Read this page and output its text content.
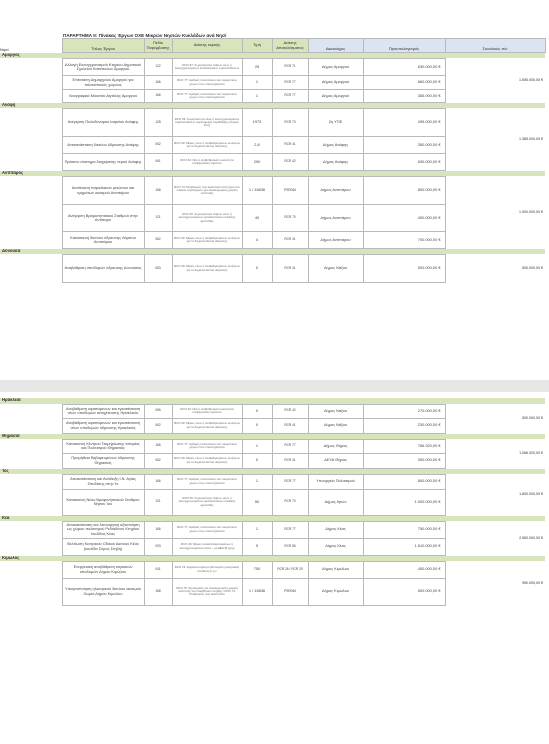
ΠΑΡΑΡΤΗΜΑ ΙΙ: Πίνακας Έργων ΟΧΕ Μικρών Νησιών Κυκλάδων ανά Νησί
Νησί	Τίτλος Έργου	Πεδίο Παρέμβασης	Δείκτης εκροής	Τιμή	Δείκτης Αποτελέσματος	Δικαιούχος	Προυπολογισμός	Συνολικός π/υ
Αμοργός								
	Αλλαγή Εκσυγχρονισμού Κτηρίου Δημοτικού Σχολείου Κατάπολων Αμοργού	122	RCO 67: Χωρητικότητα τάξεων νέων ή εκσυγχρονισμένων εκπαιδευτικών εγκαταστάσεων	25	RCR 71	Δήμος Αμοργού	630.000,00 €	1.655.000,00 €
	Επέκταση Δημαρχείου Αμοργού για πολιτιστικούς χώρους	166	RCO 77: Αριθμός πολιτιστικών και τουριστικών χώρων που υποστηρίζονται	1	RCR 77	Δήμος Αμοργού	660.000,00 €	
	Λαογραφικό Μουσείο Αιγιάλης Αμοργού	166	RCO 77: Αριθμός πολιτιστικών και τουριστικών χώρων που υποστηρίζονται	1	RCR 77	Δήμος Αμοργού	365.000,00 €	
Ανάφη								
	Ανέγερση Πολυδύναμου Ιατρείου Ανάφης	128	RCO 69: Χωρητικότητα νέων ή εκσυγχρονισμένων εγκαταστάσεων υγειονομικής περίθαλψης (άτομα/έτος)	1973	RCR 73	2η ΥΠΕ	495.000,00 €	1.385.000,00 €
	Αντικατάσταση δικτύου ύδρευσης Ανάφης	062	RCO 30: Μήκος νέων ή αναβαθμισμένων σωλήνων για τα δημόσια δίκτυα ύδρευσης	2,8	RCR 41	Δήμος Ανάφης	350.000,00 €	
	Πράσινο σύστημα διαχείρισης νερού Ανάφης	061	RCO 32: Νέα ή αναβαθμισμένη ικανότητα επεξεργασίας λυμάτων	290	RCR 42	Δήμος Ανάφης	630.000,00 €	
Αντίπαρος								
	Ανάπλαση παραλιακού μετώπου και τμημάτων οικισμού Αντιπάρου	168	RCO 74: Πληθυσμός που καλύπτεται από έργα στο πλαίσιο στρατηγικών για ολοκληρωμένη χωρική ανάπτυξη	1 / 16636	PSR046	Δήμος Αντιπάρου	800.000,00 €	1.900.000,00 €
	Ανέγερση Βρεφονηπιακού Σταθμού στην Αντίπαρο	121	RCO 66: Χωρητικότητα τάξεων νέων ή εκσυγχρονισμένων εγκαταστάσεων παιδικής φροντίδας	40	RCR 70	Δήμος Αντιπάρου	400.000,00 €	
	Κατασκευή δικτύου ύδρευσης Λάμπου Αντιπάρου	062	RCO 30: Μήκος νέων ή αναβαθμισμένων σωλήνων για τα δημόσια δίκτυα ύδρευσης	4	RCR 41	Δήμος Αντιπάρου	700.000,00 €	
Δονούσα								
	Αναβάθμιση υποδομών ύδρευσης Δονούσας	063	RCO 30: Μήκος νέων ή αναβαθμισμένων σωλήνων για τα δημόσια δίκτυα ύδρευσης	0	RCR 41	Δήμος Νάξου	500.000,00 €	500.000,00 €
Ηρακλειά								
	Αναβάθμιση υφιστάμενων και εγκατάσταση νέων υποδομών αποχέτευσης Ηρακλειάς	065	RCO 32: Νέα ή αναβαθμισμένη ικανότητα επεξεργασίας λυμάτων	0	RCR 42	Δήμος Νάξου	270.000,00 €	500.000,00 €
	Αναβάθμιση υφιστάμενων και εγκατάσταση νέων υποδομών ύδρευσης Ηρακλειάς	062	RCO 30: Μήκος νέων ή αναβαθμισμένων σωλήνων για τα δημόσια δίκτυα ύδρευσης	0	RCR 41	Δήμος Νάξου	230.000,00 €	
Θηρασιά								
	Κατασκευή Κέντρου Τεκμηρίωσης Ιστορίας και Πολιτισμού Θηρασιάς	166	RCO 77: Αριθμός πολιτιστικών και τουριστικών χώρων που υποστηρίζονται	1	RCR 77	Δήμος Θήρας	766.320,00 €	1.066.320,00 €
	Προμήθεια Βεβαρευμένων ύδρευσης Θηρασιάς	062	RCO 30: Μήκος νέων ή αναβαθμισμένων σωλήνων για τα δημόσια δίκτυα ύδρευσης	0	RCR 41	ΔΕΥΑ Θήρας	300.000,00 €	
Ίος								
	Αποκατάσταση και Ανάδειξη Ι.Ν. Αγίας Θεοδότης στην Ίο	166	RCO 77: Αριθμός πολιτιστικών και τουριστικών χώρων που υποστηρίζονται	1	RCR 77	Υπουργείο Πολιτισμού	800.000,00 €	1.800.000,00 €
	Κατασκευή Νέου Βρεφονηπιακού Σταθμού Νήσου Ίου	121	RCO 66: Χωρητικότητα τάξεων νέων ή εκσυγχρονισμένων εγκαταστάσεων παιδικής φροντίδας	50	RCR 70	Δήμος Ιητών	1.000.000,00 €	
Κέα								
	Αποκατάσταση και λειτουργική αξιοποίηση ως χώρου πολιτισμού Ρεδιαδίνου Κτηρίου Ιουλίδας Κέας	166	RCO 77: Αριθμός πολιτιστικών και τουριστικών χώρων που υποστηρίζονται	1	RCR 77	Δήμος Κέας	750.000,00 €	2.560.000,00 €
	Βελτίωση Κεντρικού Οδικού Δικτύου Κέας (Ιουλίδα Σύρος Στηβή)	093	RCO 46: Μήκος ανακατασκευασμένων ή εκσυγχρονισμένων οδών - μη ΔΕΔ-Μ (χλμ)	5	RCR 56	Δήμος Κέας	1.810.000,00 €	
Κίμωλος								
	Ενεργειακή αναβάθμιση κτιριακών υποδομών Δήμου Κιμώλου	041	RCO 19: Δημόσια κτίρια με βελτιωμένη ενεργειακή απόδοση (τ.μ.)	750	RCR 26 / RCR 29	Δήμος Κιμώλου	450.000,00 €	950.000,00 €
	Υπογειοποίηση ηλεκτρικού δικτύου οικισμού Χωριό Δήμου Κιμώλου	168	RCO 75: Στρατηγικές για ολοκληρωμένη χωρική ανάπτυξη που λαμβάνουν στήριξη / RCO 74: Πληθυσμός που καλύπτεται	1 / 16636	PSR046	Δήμος Κιμώλου	500.000,00 €	
